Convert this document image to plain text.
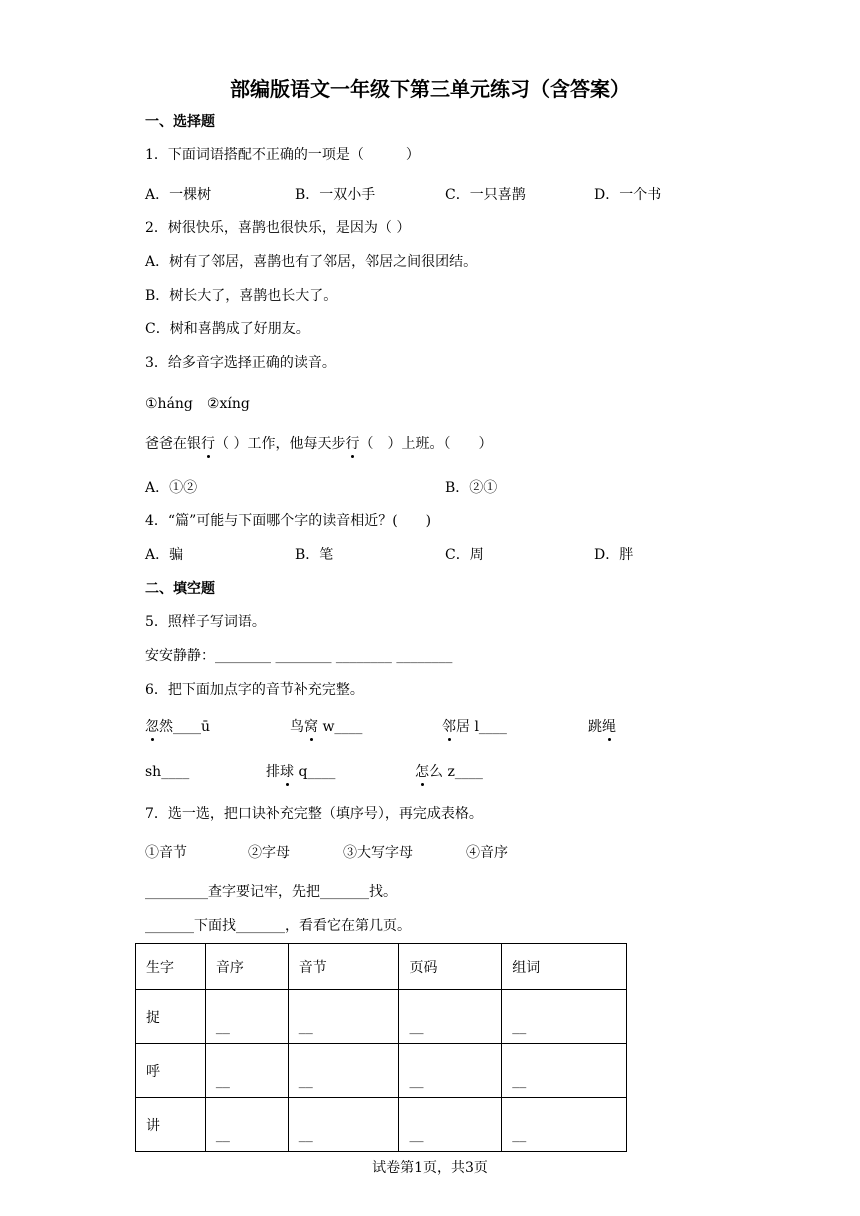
部编版语文一年级下第三单元练习（含答案）
一、选择题
1．下面词语搭配不正确的一项是（　　　）
A．一棵树	B．一双小手	C．一只喜鹊	D．一个书
2．树很快乐，喜鹊也很快乐，是因为（ ）
A．树有了邻居，喜鹊也有了邻居，邻居之间很团结。
B．树长大了，喜鹊也长大了。
C．树和喜鹊成了好朋友。
3．给多音字选择正确的读音。
①háng　②xíng
爸爸在银行（ ）工作，他每天步行（　）上班。（　　）
A．①②	B．②①
4．“篇”可能与下面哪个字的读音相近？(　　)
A．骗	B．笔	C．周	D．胖
二、填空题
5．照样子写词语。
安安静静：________ ________ ________ ________
6．把下面加点字的音节补充完整。
忽然____ū	鸟窝 w____	邻居 l____	跳绳
sh____	排球 q____	怎么 z____
7．选一选，把口诀补充完整（填序号），再完成表格。
①音节	②字母	③大写字母	④音序
_________查字要记牢，先把_______找。
_______下面找_______，看看它在第几页。
生字	音序	音节	页码	组词
捉	__	__	__	__
呼	__	__	__	__
讲	__	__	__	__
试卷第1页，共3页
